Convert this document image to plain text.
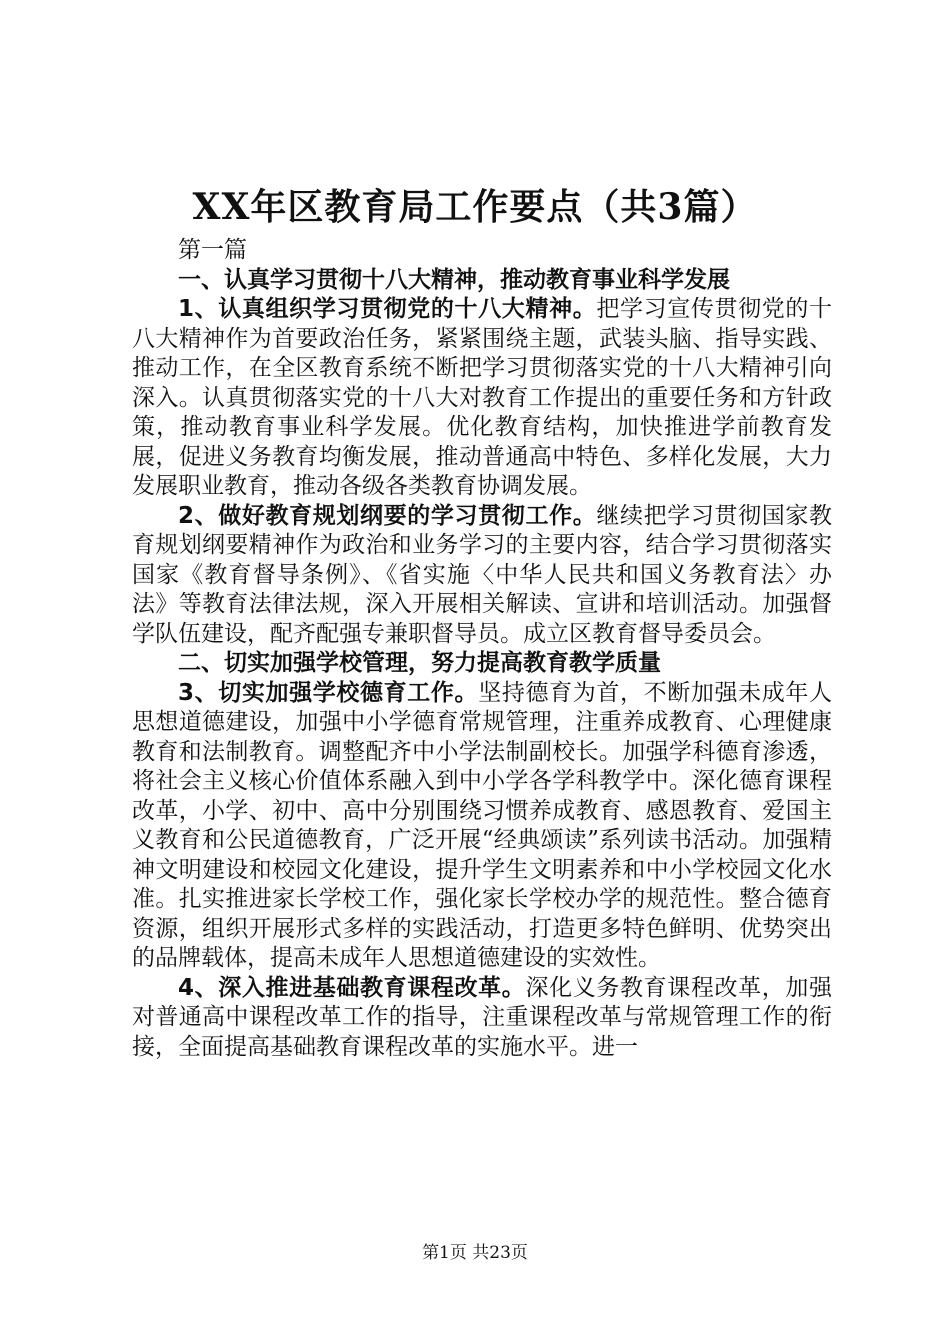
XX年区教育局工作要点（共3篇）

第一篇

一、认真学习贯彻十八大精神，推动教育事业科学发展

1、认真组织学习贯彻党的十八大精神。把学习宣传贯彻党的十八大精神作为首要政治任务，紧紧围绕主题，武装头脑、指导实践、推动工作，在全区教育系统不断把学习贯彻落实党的十八大精神引向深入。认真贯彻落实党的十八大对教育工作提出的重要任务和方针政策，推动教育事业科学发展。优化教育结构，加快推进学前教育发展，促进义务教育均衡发展，推动普通高中特色、多样化发展，大力发展职业教育，推动各级各类教育协调发展。

2、做好教育规划纲要的学习贯彻工作。继续把学习贯彻国家教育规划纲要精神作为政治和业务学习的主要内容，结合学习贯彻落实国家《教育督导条例》、《省实施〈中华人民共和国义务教育法〉办法》等教育法律法规，深入开展相关解读、宣讲和培训活动。加强督学队伍建设，配齐配强专兼职督导员。成立区教育督导委员会。

二、切实加强学校管理，努力提高教育教学质量

3、切实加强学校德育工作。坚持德育为首，不断加强未成年人思想道德建设，加强中小学德育常规管理，注重养成教育、心理健康教育和法制教育。调整配齐中小学法制副校长。加强学科德育渗透，将社会主义核心价值体系融入到中小学各学科教学中。深化德育课程改革，小学、初中、高中分别围绕习惯养成教育、感恩教育、爱国主义教育和公民道德教育，广泛开展“经典颂读”系列读书活动。加强精神文明建设和校园文化建设，提升学生文明素养和中小学校园文化水准。扎实推进家长学校工作，强化家长学校办学的规范性。整合德育资源，组织开展形式多样的实践活动，打造更多特色鲜明、优势突出的品牌载体，提高未成年人思想道德建设的实效性。

4、深入推进基础教育课程改革。深化义务教育课程改革，加强对普通高中课程改革工作的指导，注重课程改革与常规管理工作的衔接，全面提高基础教育课程改革的实施水平。进一

第1页 共23页
